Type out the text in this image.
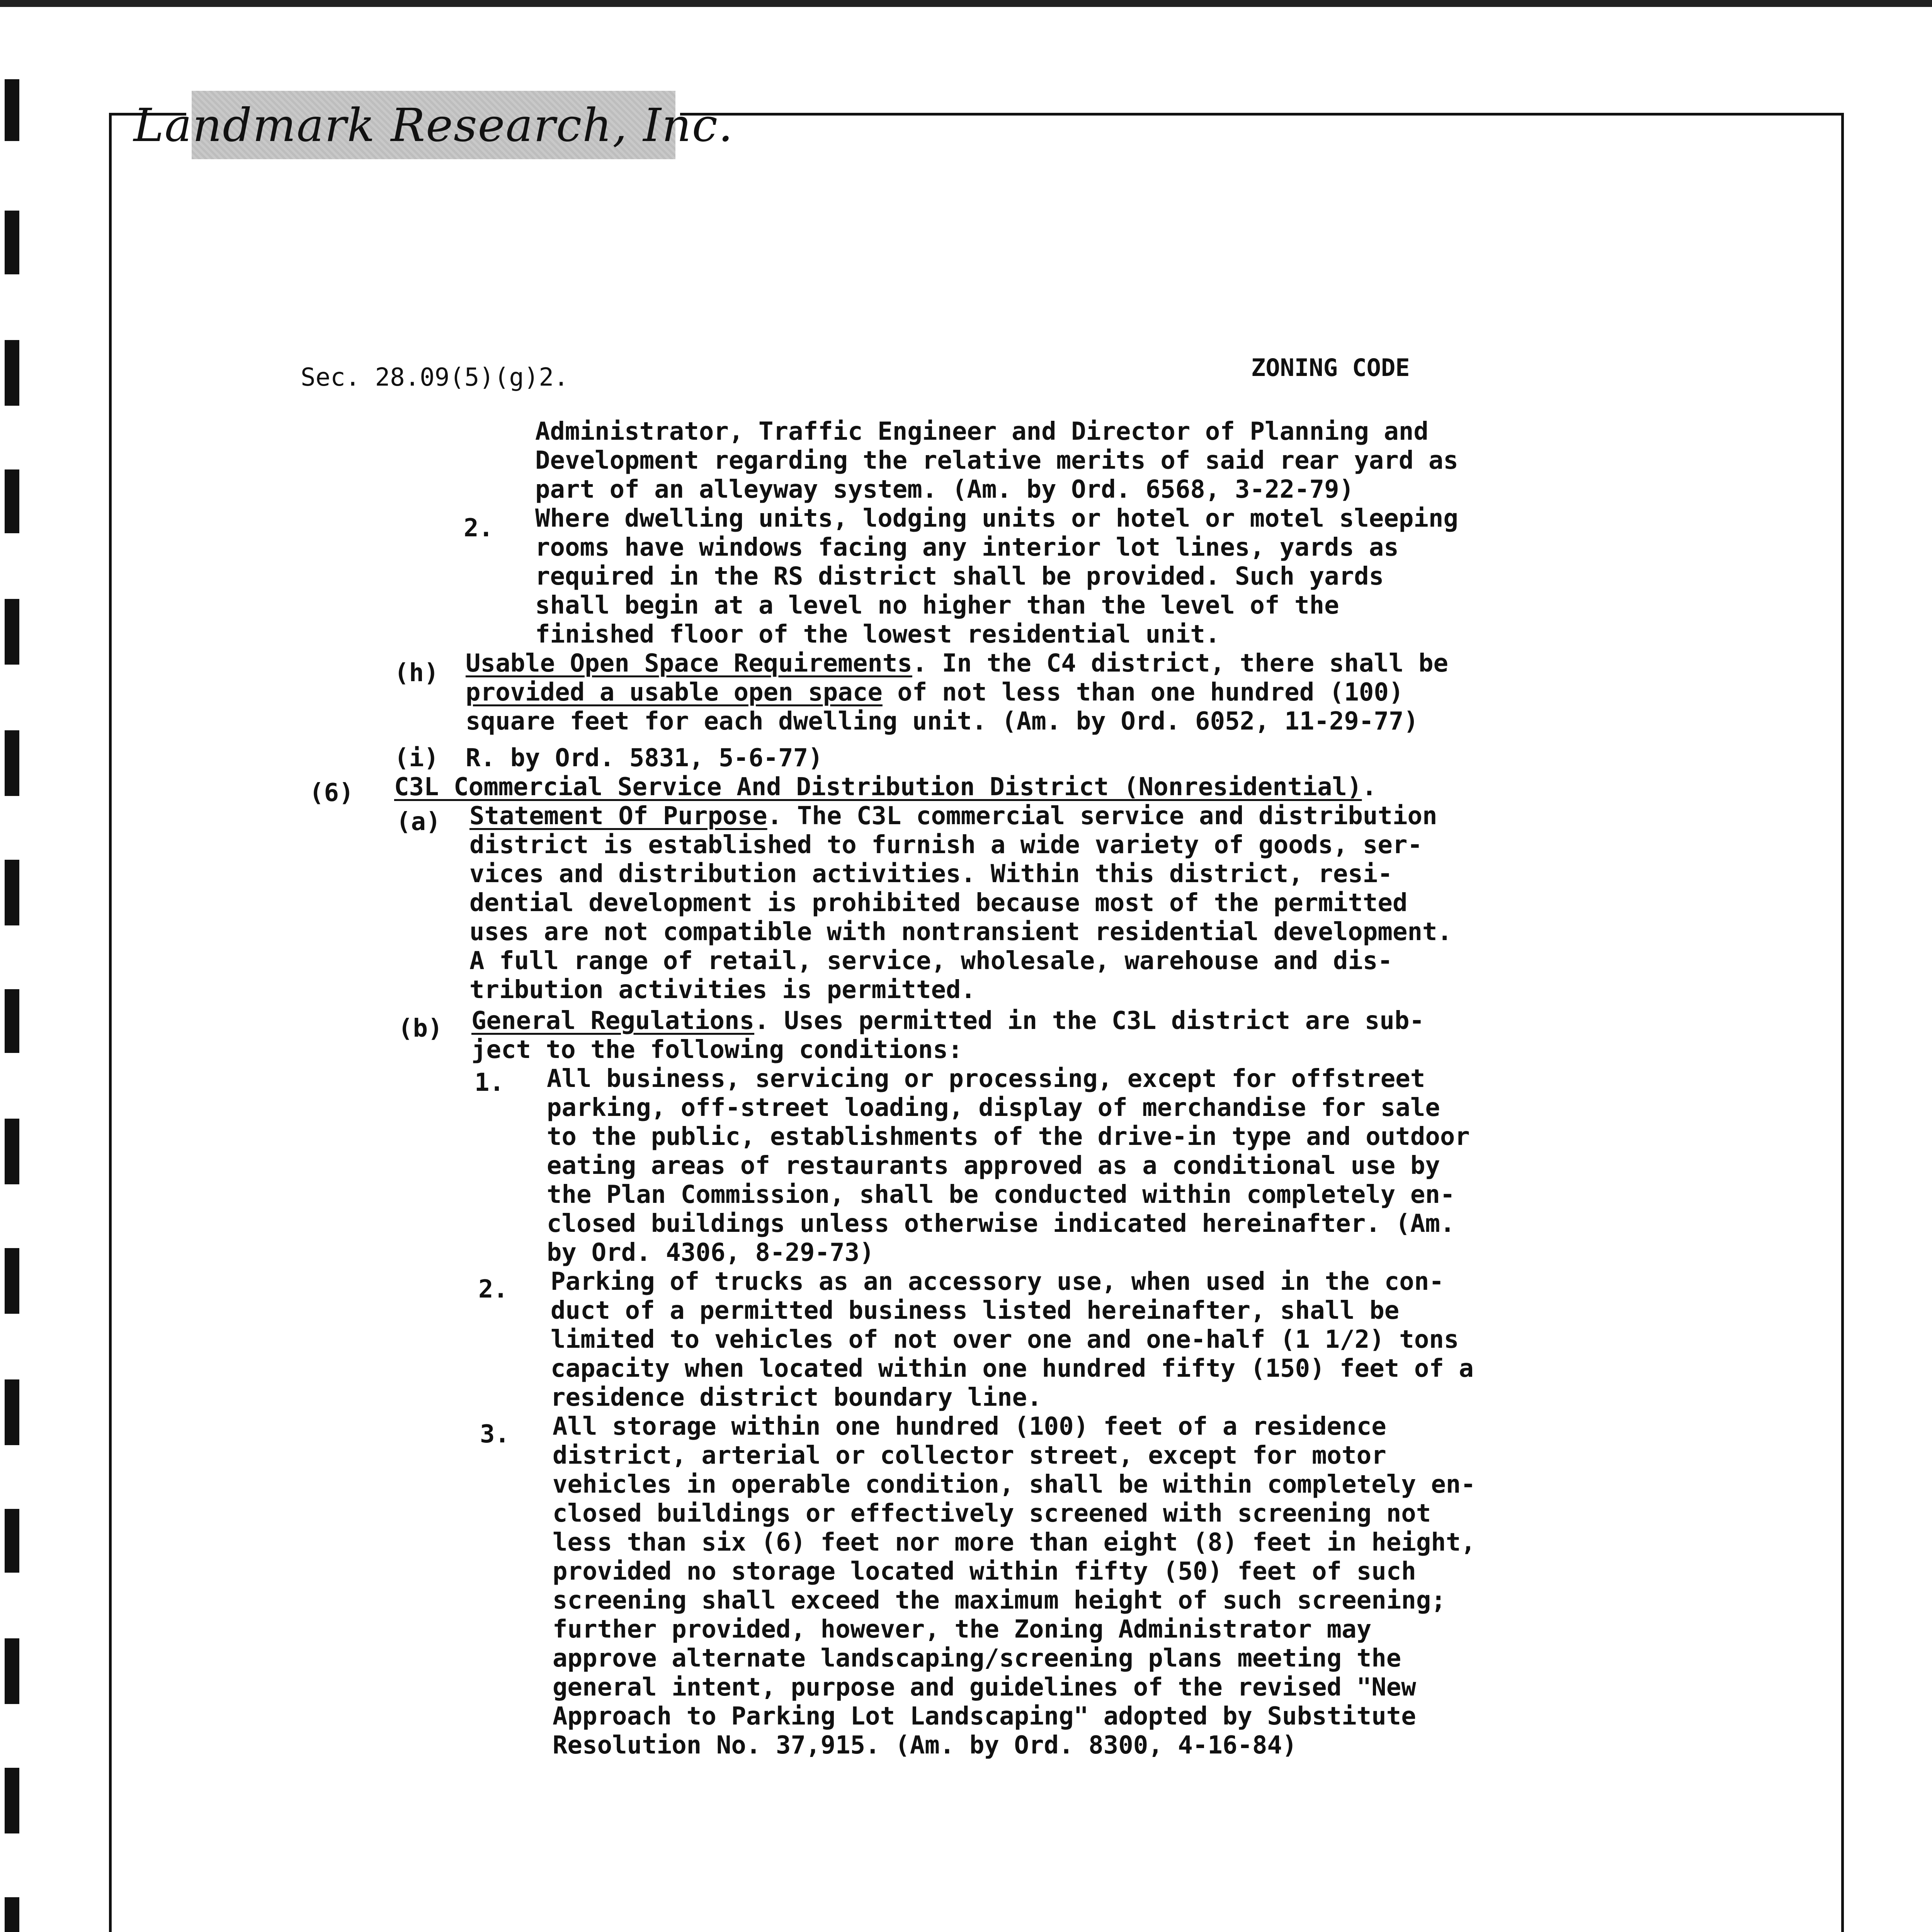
Landmark Research, Inc.
Sec. 28.09(5)(g)2.	ZONING CODE
Administrator, Traffic Engineer and Director of Planning and
Development regarding the relative merits of said rear yard as
part of an alleyway system. (Am. by Ord. 6568, 3-22-79)
2. Where dwelling units, lodging units or hotel or motel sleeping
rooms have windows facing any interior lot lines, yards as
required in the RS district shall be provided. Such yards
shall begin at a level no higher than the level of the
finished floor of the lowest residential unit.
(h) Usable Open Space Requirements. In the C4 district, there shall be
provided a usable open space of not less than one hundred (100)
square feet for each dwelling unit. (Am. by Ord. 6052, 11-29-77)
(i) R. by Ord. 5831, 5-6-77)
(6) C3L Commercial Service And Distribution District (Nonresidential).
(a) Statement Of Purpose. The C3L commercial service and distribution
district is established to furnish a wide variety of goods, ser-
vices and distribution activities. Within this district, resi-
dential development is prohibited because most of the permitted
uses are not compatible with nontransient residential development.
A full range of retail, service, wholesale, warehouse and dis-
tribution activities is permitted.
(b) General Regulations. Uses permitted in the C3L district are sub-
ject to the following conditions:
1. All business, servicing or processing, except for offstreet
parking, off-street loading, display of merchandise for sale
to the public, establishments of the drive-in type and outdoor
eating areas of restaurants approved as a conditional use by
the Plan Commission, shall be conducted within completely en-
closed buildings unless otherwise indicated hereinafter. (Am.
by Ord. 4306, 8-29-73)
2. Parking of trucks as an accessory use, when used in the con-
duct of a permitted business listed hereinafter, shall be
limited to vehicles of not over one and one-half (1 1/2) tons
capacity when located within one hundred fifty (150) feet of a
residence district boundary line.
3. All storage within one hundred (100) feet of a residence
district, arterial or collector street, except for motor
vehicles in operable condition, shall be within completely en-
closed buildings or effectively screened with screening not
less than six (6) feet nor more than eight (8) feet in height,
provided no storage located within fifty (50) feet of such
screening shall exceed the maximum height of such screening;
further provided, however, the Zoning Administrator may
approve alternate landscaping/screening plans meeting the
general intent, purpose and guidelines of the revised "New
Approach to Parking Lot Landscaping" adopted by Substitute
Resolution No. 37,915. (Am. by Ord. 8300, 4-16-84)
